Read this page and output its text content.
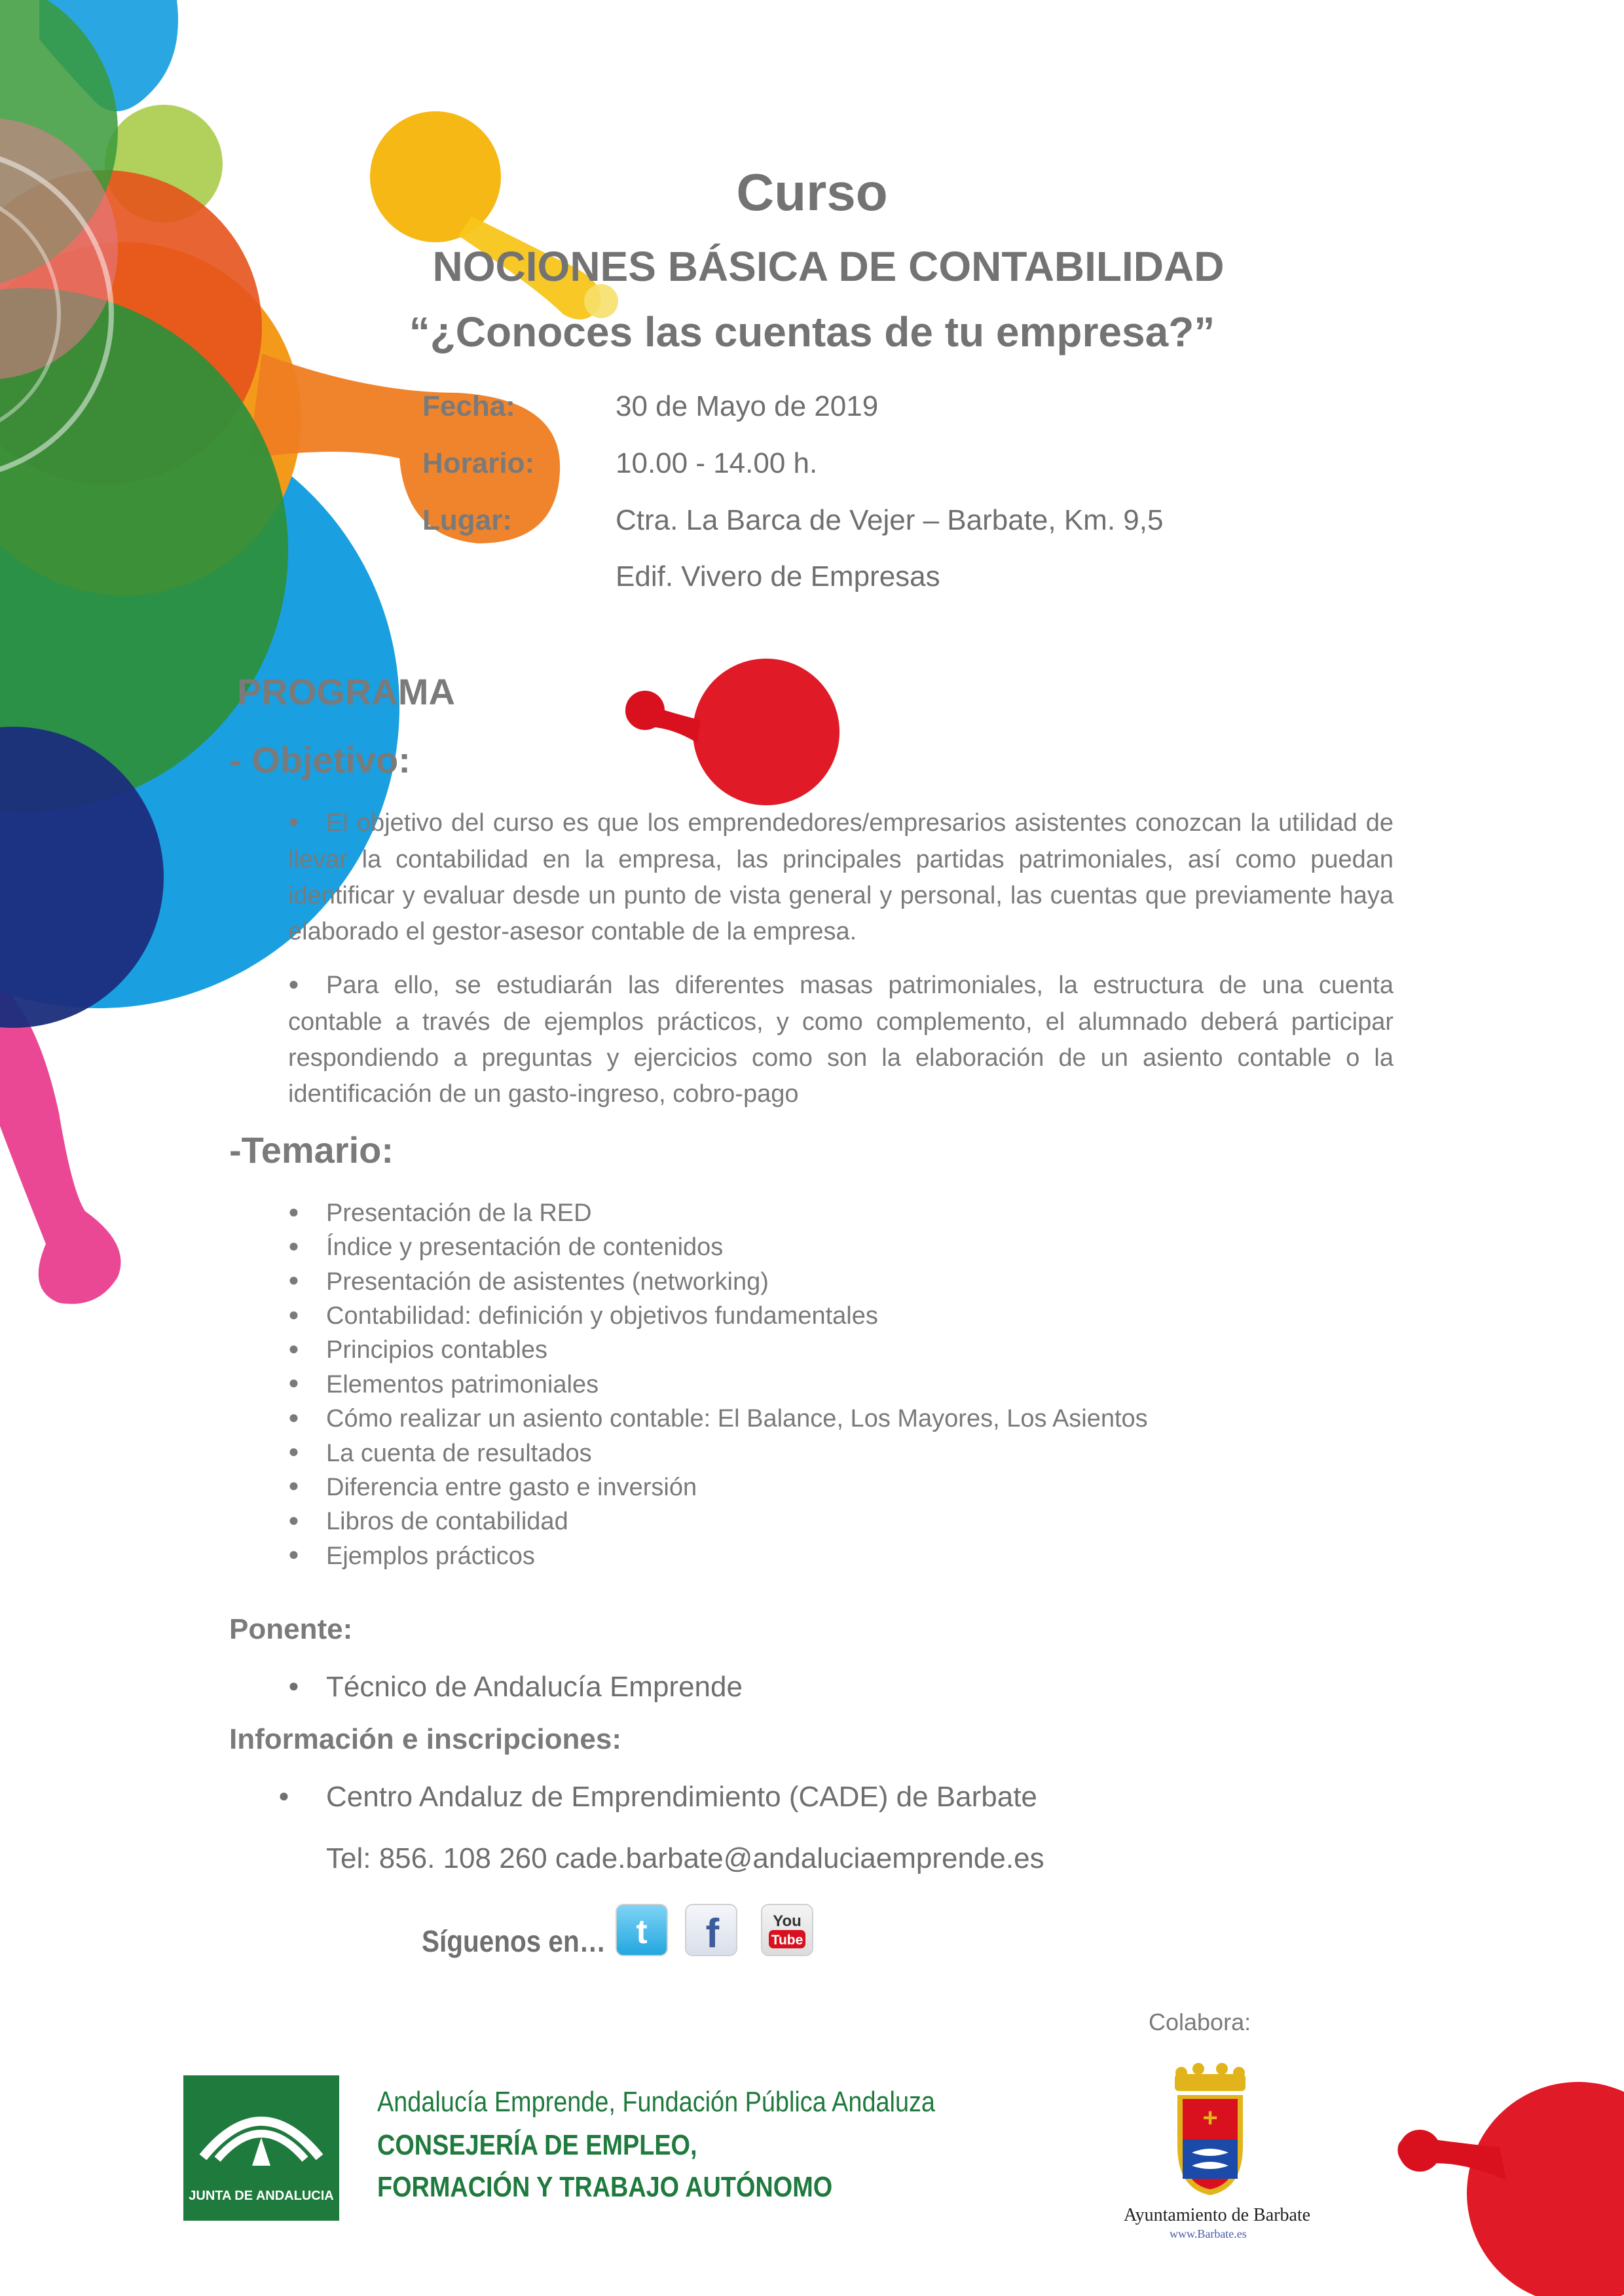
Curso
NOCIONES BÁSICA DE CONTABILIDAD
“¿Conoces las cuentas de tu empresa?”
Fecha:	30 de Mayo de 2019
Horario:	10.00 - 14.00 h.
Lugar:	Ctra. La Barca de Vejer – Barbate, Km. 9,5
Edif. Vivero de Empresas
PROGRAMA
- Objetivo:
● El objetivo del curso es que los emprendedores/empresarios asistentes conozcan la utilidad de llevar la contabilidad en la empresa, las principales partidas patrimoniales, así como puedan identificar y evaluar desde un punto de vista general y personal, las cuentas que previamente haya elaborado el gestor-asesor contable de la empresa.
● Para ello, se estudiarán las diferentes masas patrimoniales, la estructura de una cuenta contable a través de ejemplos prácticos, y como complemento, el alumnado deberá participar respondiendo a preguntas y ejercicios como son la elaboración de un asiento contable o la identificación de un gasto-ingreso, cobro-pago
-Temario:
● Presentación de la RED
● Índice y presentación de contenidos
● Presentación de asistentes (networking)
● Contabilidad: definición y objetivos fundamentales
● Principios contables
● Elementos patrimoniales
● Cómo realizar un asiento contable: El Balance, Los Mayores, Los Asientos
● La cuenta de resultados
● Diferencia entre gasto e inversión
● Libros de contabilidad
● Ejemplos prácticos
Ponente:
● Técnico de Andalucía Emprende
Información e inscripciones:
● Centro Andaluz de Emprendimiento (CADE) de Barbate
Tel: 856. 108 260 cade.barbate@andaluciaemprende.es
Síguenos en… t f	You
Tube
Colabora:
JUNTA DE ANDALUCIA
Andalucía Emprende, Fundación Pública Andaluza
CONSEJERÍA DE EMPLEO,
FORMACIÓN Y TRABAJO AUTÓNOMO
+
Ayuntamiento de Barbate
www.Barbate.es
